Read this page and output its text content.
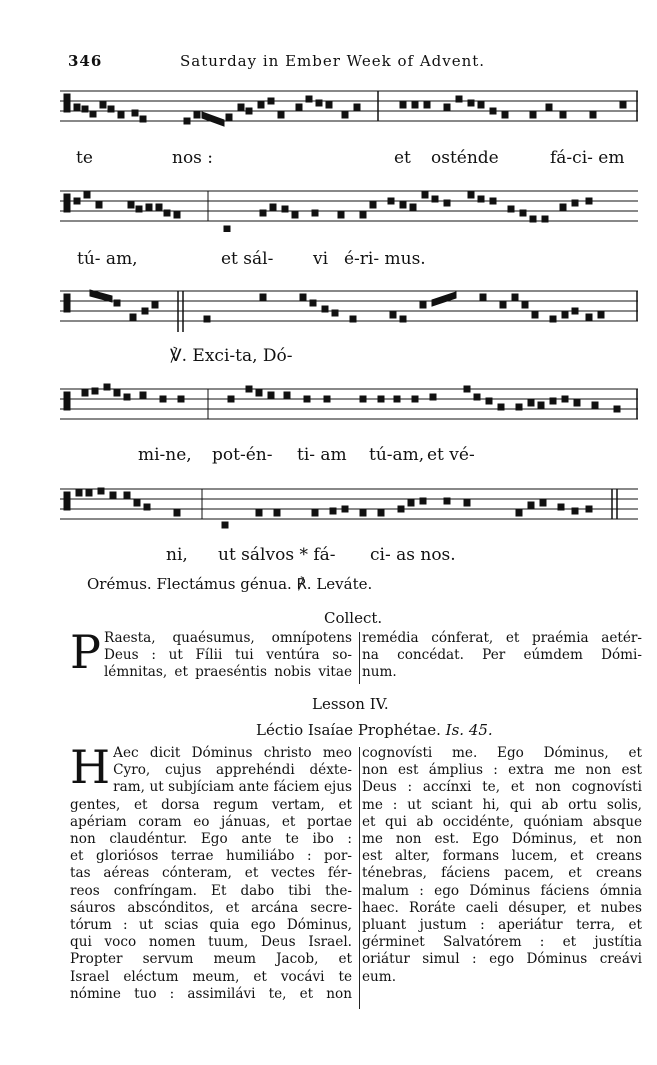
346	Saturday in Ember Week of Advent.
te	nos :	et osténde	fá-ci- em
tú- am,	et sál- vi é-ri- mus.
℣. Exci-ta, Dó-
mi-ne, pot-én- ti- am tú-am, et vé-
ni, ut sálvos * fá- ci- as nos.
Orémus. Flectámus génua. ℟. Leváte.
Collect.
P Raesta, quaésumus, omnípotens
Deus : ut Fílii tui ventúra so-
lémnitas, et praeséntis nobis vitae
remédia cónferat, et praémia aetér-
na concédat. Per eúmdem Dómi-
num.
Lesson IV.
Léctio Isaíae Prophétae. Is. 45.
H Aec dicit Dóminus christo meo
Cyro, cujus apprehéndi déxte-
ram, ut subjíciam ante fáciem ejus
gentes, et dorsa regum vertam, et
apériam coram eo jánuas, et portae
non claudéntur. Ego ante te ibo :
et gloriósos terrae humiliábo : por-
tas aéreas cónteram, et vectes fér-
reos confríngam. Et dabo tibi the-
sáuros abscónditos, et arcána secre-
tórum : ut scias quia ego Dóminus,
qui voco nomen tuum, Deus Israel.
Propter servum meum Jacob, et
Israel eléctum meum, et vocávi te
nómine tuo : assimilávi te, et non
cognovísti me. Ego Dóminus, et
non est ámplius : extra me non est
Deus : accínxi te, et non cognovísti
me : ut sciant hi, qui ab ortu solis,
et qui ab occidénte, quóniam absque
me non est. Ego Dóminus, et non
est alter, formans lucem, et creans
ténebras, fáciens pacem, et creans
malum : ego Dóminus fáciens ómnia
haec. Roráte caeli désuper, et nubes
pluant justum : aperiátur terra, et
gérminet Salvatórem : et justítia
oriátur simul : ego Dóminus creávi
eum.
